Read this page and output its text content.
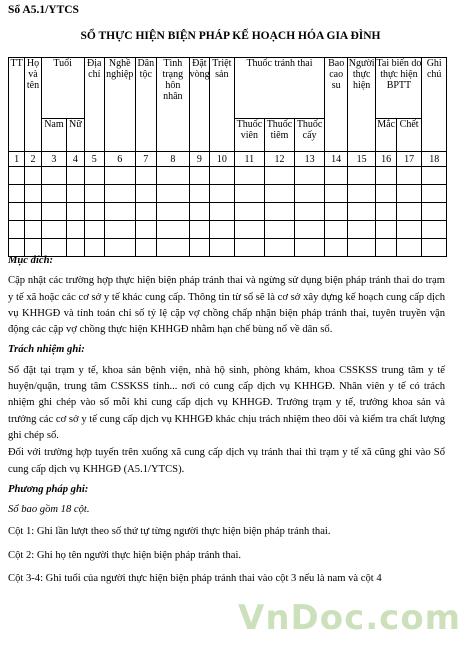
Sổ A5.1/YTCS
SỔ THỰC HIỆN BIỆN PHÁP KẾ HOẠCH HÓA GIA ĐÌNH
TT	Họ và tên	Tuổi		Địa chỉ	Nghề nghiệp	Dân tộc	Tình trạng hôn nhân	Đặt vòng	Triệt sản	Thuốc tránh thai			Bao cao su	Người thực hiện	Tai biến do thực hiện BPTT		Ghi chú
		Nam	Nữ							Thuốc viên	Thuốc tiêm	Thuốc cấy			Mắc	Chết	
1	2	3	4	5	6	7	8	9	10	11	12	13	14	15	16	17	18

Mục đích:

Cập nhật các trường hợp thực hiện biện pháp tránh thai và ngừng sử dụng biện pháp tránh thai do trạm y tế xã hoặc các cơ sở y tế khác cung cấp. Thông tin từ sổ sẽ là cơ sở xây dựng kế hoạch cung cấp dịch vụ KHHGĐ và tính toán chỉ số tỷ lệ cặp vợ chồng chấp nhận biện pháp tránh thai, tuyên truyền vận động các cặp vợ chồng thực hiện KHHGĐ nhằm hạn chế bùng nổ về dân số.

Trách nhiệm ghi:

Sổ đặt tại trạm y tế, khoa sản bệnh viện, nhà hộ sinh, phòng khám, khoa CSSKSS trung tâm y tế huyện/quận, trung tâm CSSKSS tỉnh... nơi có cung cấp dịch vụ KHHGĐ. Nhân viên y tế có trách nhiệm ghi chép vào sổ mỗi khi cung cấp dịch vụ KHHGĐ. Trưởng trạm y tế, trưởng khoa sản và trưởng các cơ sở y tế cung cấp dịch vụ KHHGĐ khác chịu trách nhiệm theo dõi và kiểm tra chất lượng ghi chép sổ.

Đối với trường hợp tuyến trên xuống xã cung cấp dịch vụ tránh thai thì trạm y tế xã cũng ghi vào Sổ cung cấp dịch vụ KHHGĐ (A5.1/YTCS).

Phương pháp ghi:

Sổ bao gồm 18 cột.

Cột 1: Ghi lần lượt theo số thứ tự từng người thực hiện biện pháp tránh thai.

Cột 2: Ghi họ tên người thực hiện biện pháp tránh thai.

Cột 3-4: Ghi tuổi của người thực hiện biện pháp tránh thai vào cột 3 nếu là nam và cột 4

VnDoc.com
